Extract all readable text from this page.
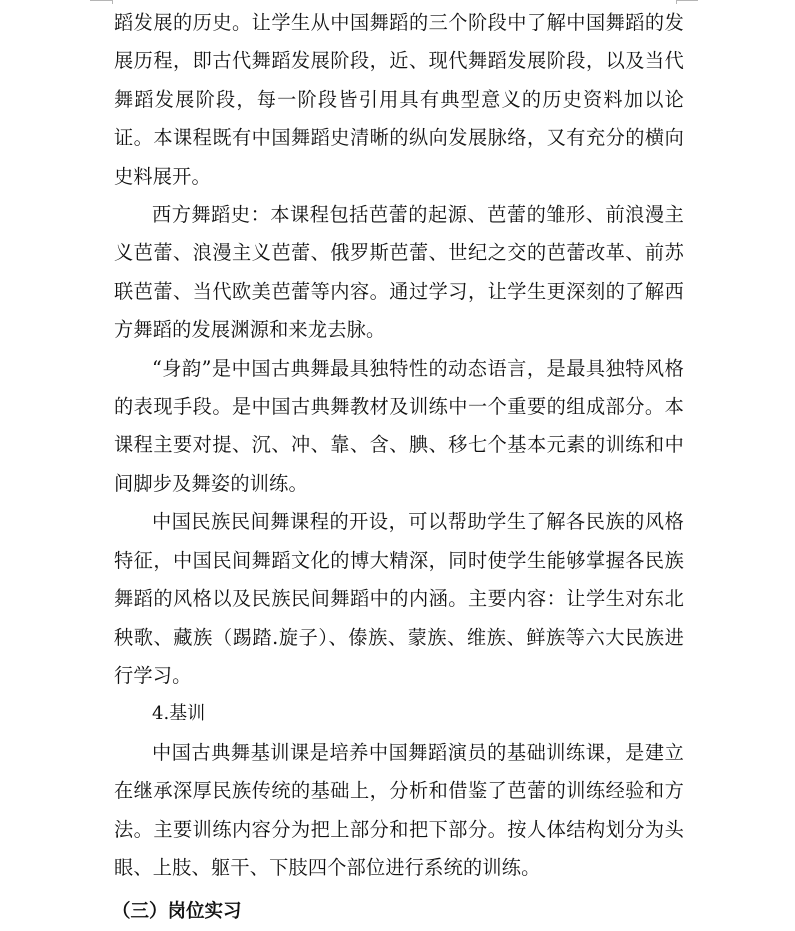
蹈发展的历史。让学生从中国舞蹈的三个阶段中了解中国舞蹈的发展历程，即古代舞蹈发展阶段，近、现代舞蹈发展阶段，以及当代舞蹈发展阶段，每一阶段皆引用具有典型意义的历史资料加以论证。本课程既有中国舞蹈史清晰的纵向发展脉络，又有充分的横向史料展开。

西方舞蹈史：本课程包括芭蕾的起源、芭蕾的雏形、前浪漫主义芭蕾、浪漫主义芭蕾、俄罗斯芭蕾、世纪之交的芭蕾改革、前苏联芭蕾、当代欧美芭蕾等内容。通过学习，让学生更深刻的了解西方舞蹈的发展渊源和来龙去脉。

“身韵”是中国古典舞最具独特性的动态语言，是最具独特风格的表现手段。是中国古典舞教材及训练中一个重要的组成部分。本课程主要对提、沉、冲、靠、含、腆、移七个基本元素的训练和中间脚步及舞姿的训练。

中国民族民间舞课程的开设，可以帮助学生了解各民族的风格特征，中国民间舞蹈文化的博大精深，同时使学生能够掌握各民族舞蹈的风格以及民族民间舞蹈中的内涵。主要内容：让学生对东北秧歌、藏族（踢踏.旋子）、傣族、蒙族、维族、鲜族等六大民族进行学习。

4.基训

中国古典舞基训课是培养中国舞蹈演员的基础训练课，是建立在继承深厚民族传统的基础上，分析和借鉴了芭蕾的训练经验和方法。主要训练内容分为把上部分和把下部分。按人体结构划分为头眼、上肢、躯干、下肢四个部位进行系统的训练。

（三）岗位实习
